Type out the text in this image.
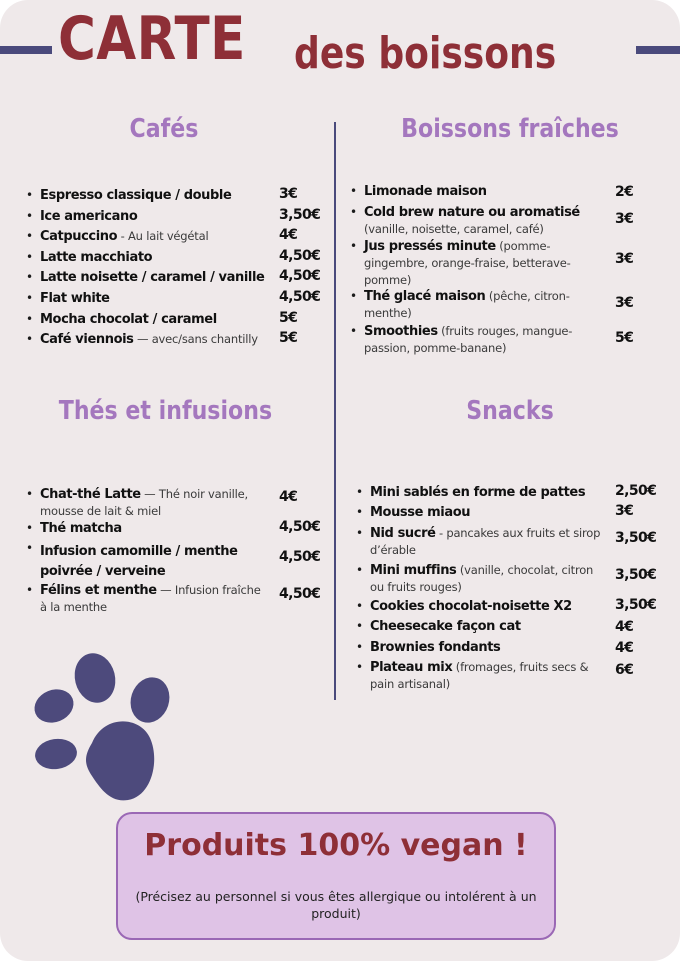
CARTE des boissons
Cafés
• Espresso classique / double	3€
• Ice americano	3,50€
• Catpuccino - Au lait végétal	4€
• Latte macchiato	4,50€
• Latte noisette / caramel / vanille 4,50€
• Flat white	4,50€
• Mocha chocolat / caramel	5€
• Café viennois — avec/sans chantilly 5€
Boissons fraîches
• Limonade maison	2€
• Cold brew nature ou aromatisé (vanille, noisette, caramel, café)
3€
• Jus pressés minute (pomme-gingembre, orange-fraise, betterave-pomme)
3€
• Thé glacé maison (pêche, citron-menthe)
3€
• Smoothies (fruits rouges, mangue-passion, pomme-banane)
5€
Thés et infusions
• Chat-thé Latte — Thé noir vanille, mousse de lait & miel
4€
• Thé matcha	4,50€
• Infusion camomille / menthe poivrée / verveine
4,50€
• Félins et menthe — Infusion fraîche à la menthe
4,50€
Snacks
• Mini sablés en forme de pattes	2,50€
• Mousse miaou	3€
• Nid sucré - pancakes aux fruits et sirop d’érable
3,50€
• Mini muffins (vanille, chocolat, citron ou fruits rouges)
3,50€
• Cookies chocolat-noisette X2	3,50€
• Cheesecake façon cat	4€
• Brownies fondants	4€
• Plateau mix (fromages, fruits secs & pain artisanal)
6€
Produits 100% vegan !
(Précisez au personnel si vous êtes allergique ou intolérent à un produit)
